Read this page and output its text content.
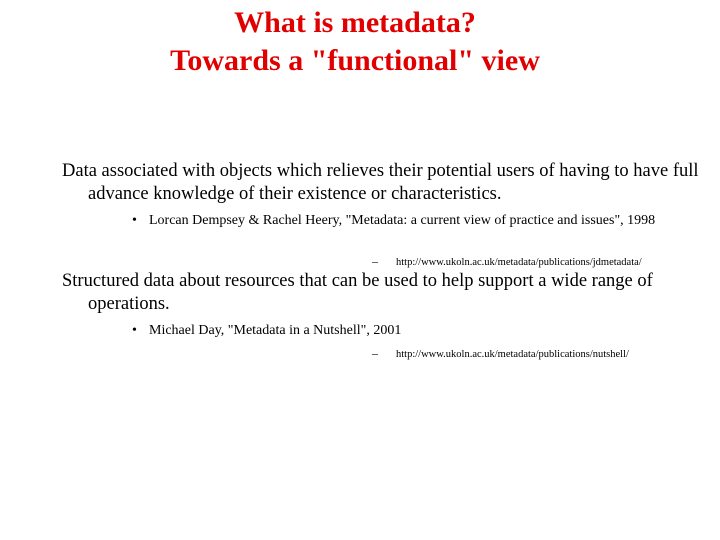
What is metadata?
Towards a "functional" view
Data associated with objects which relieves their potential users of having to have full advance knowledge of their existence or characteristics.
• Lorcan Dempsey & Rachel Heery, "Metadata: a current view of practice and issues", 1998
– http://www.ukoln.ac.uk/metadata/publications/jdmetadata/
Structured data about resources that can be used to help support a wide range of operations.
• Michael Day, "Metadata in a Nutshell", 2001
– http://www.ukoln.ac.uk/metadata/publications/nutshell/
